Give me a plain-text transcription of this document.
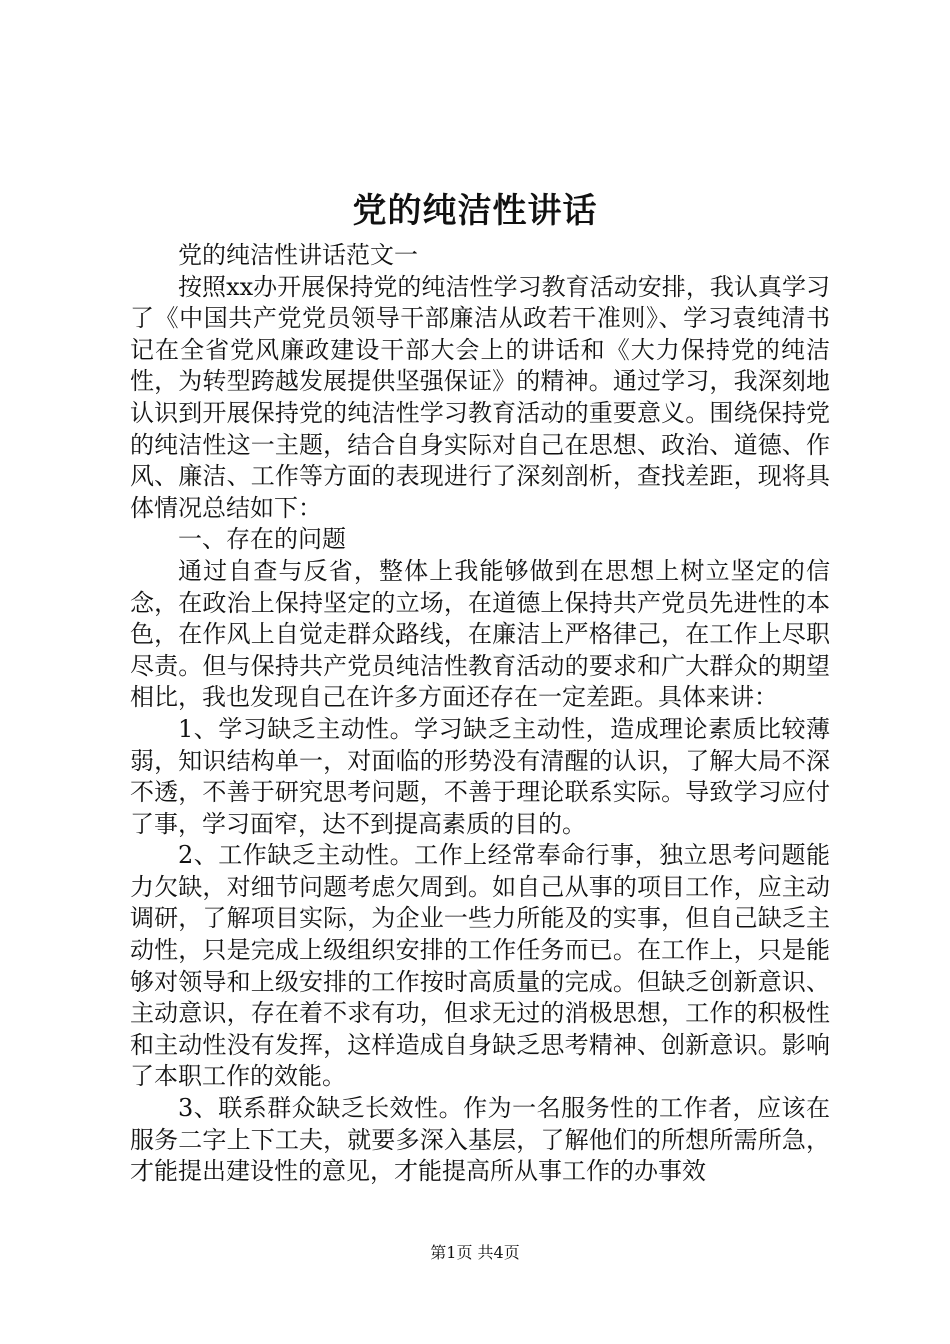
党的纯洁性讲话

党的纯洁性讲话范文一

按照xx办开展保持党的纯洁性学习教育活动安排，我认真学习了《中国共产党党员领导干部廉洁从政若干准则》、学习袁纯清书记在全省党风廉政建设干部大会上的讲话和《大力保持党的纯洁性，为转型跨越发展提供坚强保证》的精神。通过学习，我深刻地认识到开展保持党的纯洁性学习教育活动的重要意义。围绕保持党的纯洁性这一主题，结合自身实际对自己在思想、政治、道德、作风、廉洁、工作等方面的表现进行了深刻剖析，查找差距，现将具体情况总结如下：

一、存在的问题

通过自查与反省，整体上我能够做到在思想上树立坚定的信念，在政治上保持坚定的立场，在道德上保持共产党员先进性的本色，在作风上自觉走群众路线，在廉洁上严格律己，在工作上尽职尽责。但与保持共产党员纯洁性教育活动的要求和广大群众的期望相比，我也发现自己在许多方面还存在一定差距。具体来讲：

1、学习缺乏主动性。学习缺乏主动性，造成理论素质比较薄弱，知识结构单一，对面临的形势没有清醒的认识，了解大局不深不透，不善于研究思考问题，不善于理论联系实际。导致学习应付了事，学习面窄，达不到提高素质的目的。

2、工作缺乏主动性。工作上经常奉命行事，独立思考问题能力欠缺，对细节问题考虑欠周到。如自己从事的项目工作，应主动调研，了解项目实际，为企业一些力所能及的实事，但自己缺乏主动性，只是完成上级组织安排的工作任务而已。在工作上，只是能够对领导和上级安排的工作按时高质量的完成。但缺乏创新意识、主动意识，存在着不求有功，但求无过的消极思想，工作的积极性和主动性没有发挥，这样造成自身缺乏思考精神、创新意识。影响了本职工作的效能。

3、联系群众缺乏长效性。作为一名服务性的工作者，应该在服务二字上下工夫，就要多深入基层，了解他们的所想所需所急，才能提出建设性的意见，才能提高所从事工作的办事效

第1页 共4页
